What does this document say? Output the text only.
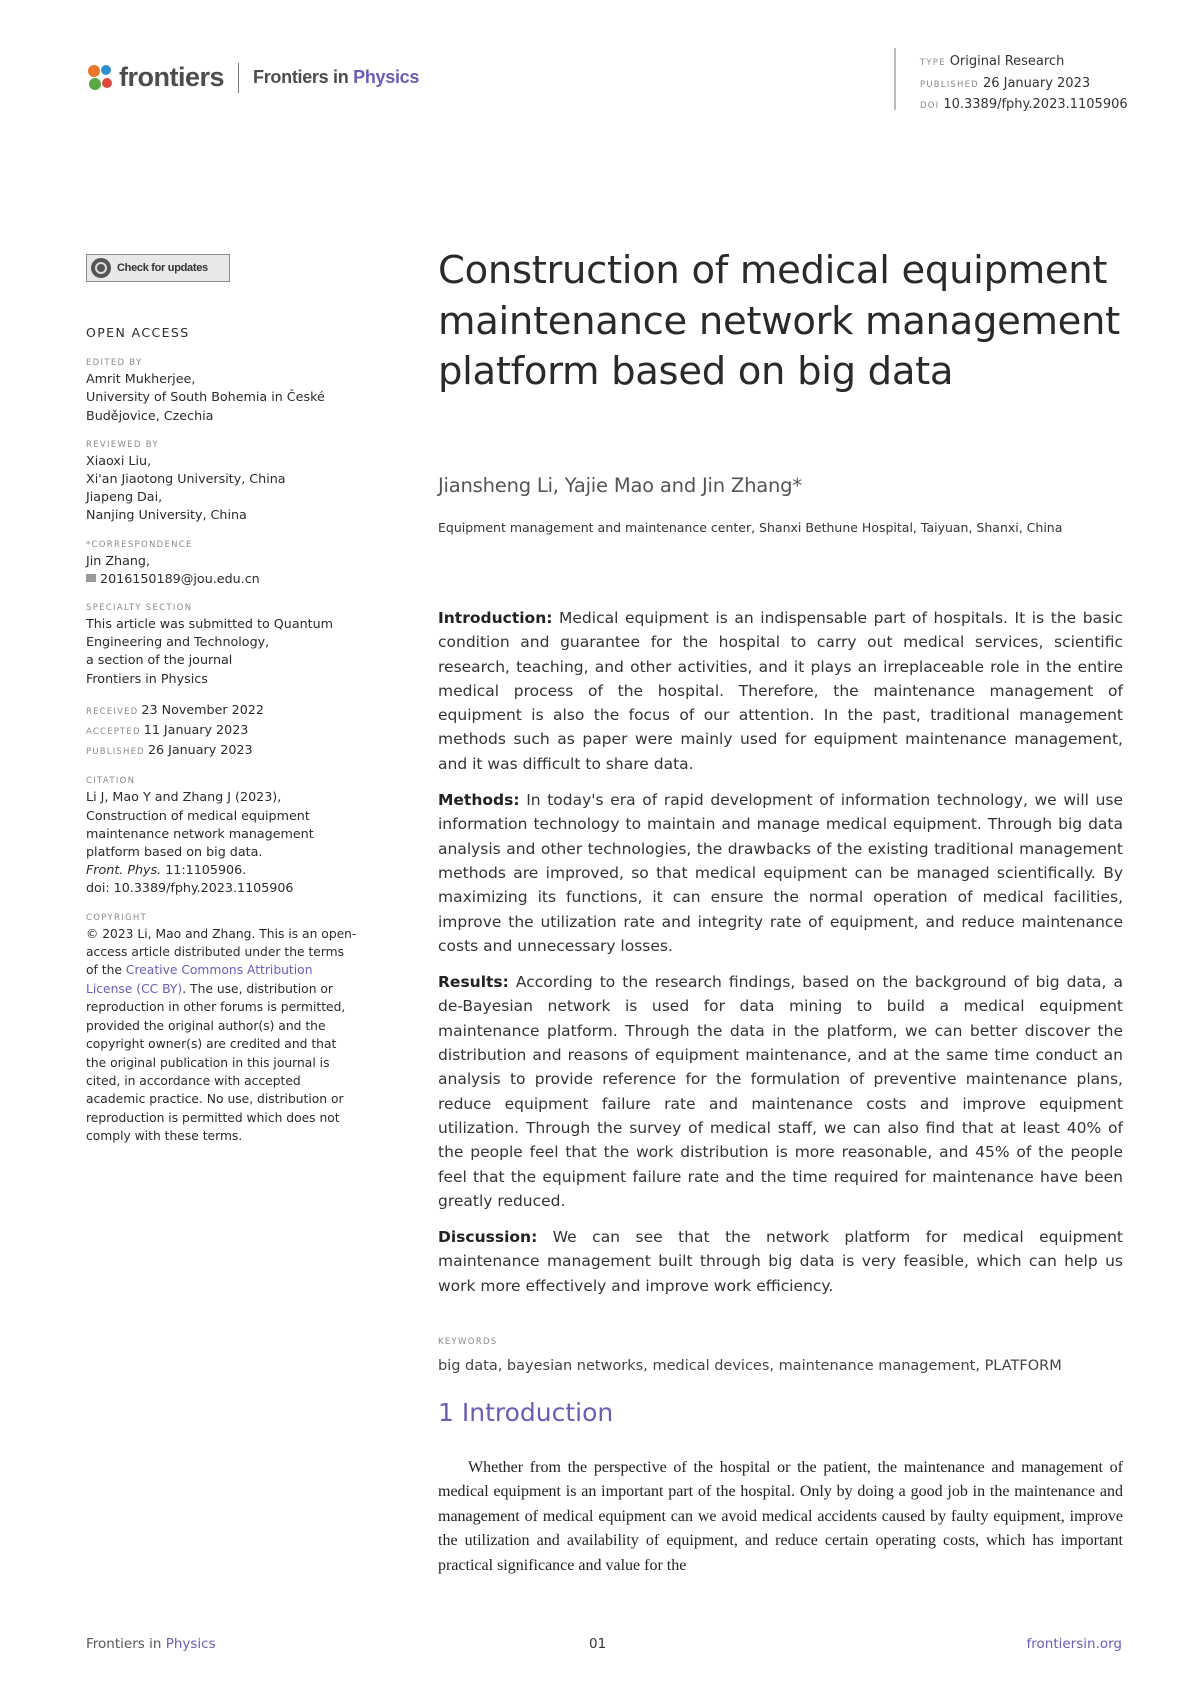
frontiers Frontiers in Physics
TYPE Original Research
PUBLISHED 26 January 2023
DOI 10.3389/fphy.2023.1105906
Check for updates
OPEN ACCESS
EDITED BY
Amrit Mukherjee,
University of South Bohemia in České
Budějovice, Czechia
REVIEWED BY
Xiaoxi Liu,
Xi'an Jiaotong University, China
Jiapeng Dai,
Nanjing University, China
*CORRESPONDENCE
Jin Zhang,
2016150189@jou.edu.cn
SPECIALTY SECTION
This article was submitted to Quantum
Engineering and Technology,
a section of the journal
Frontiers in Physics
RECEIVED 23 November 2022
ACCEPTED 11 January 2023
PUBLISHED 26 January 2023
CITATION
Li J, Mao Y and Zhang J (2023),
Construction of medical equipment
maintenance network management
platform based on big data.
Front. Phys. 11:1105906.
doi: 10.3389/fphy.2023.1105906
COPYRIGHT
© 2023 Li, Mao and Zhang. This is an open-access article distributed under the terms of the Creative Commons Attribution License (CC BY). The use, distribution or reproduction in other forums is permitted, provided the original author(s) and the copyright owner(s) are credited and that the original publication in this journal is cited, in accordance with accepted academic practice. No use, distribution or reproduction is permitted which does not comply with these terms.
Construction of medical equipment maintenance network management platform based on big data
Jiansheng Li, Yajie Mao and Jin Zhang*
Equipment management and maintenance center, Shanxi Bethune Hospital, Taiyuan, Shanxi, China

Introduction: Medical equipment is an indispensable part of hospitals. It is the basic condition and guarantee for the hospital to carry out medical services, scientific research, teaching, and other activities, and it plays an irreplaceable role in the entire medical process of the hospital. Therefore, the maintenance management of equipment is also the focus of our attention. In the past, traditional management methods such as paper were mainly used for equipment maintenance management, and it was difficult to share data.

Methods: In today's era of rapid development of information technology, we will use information technology to maintain and manage medical equipment. Through big data analysis and other technologies, the drawbacks of the existing traditional management methods are improved, so that medical equipment can be managed scientifically. By maximizing its functions, it can ensure the normal operation of medical facilities, improve the utilization rate and integrity rate of equipment, and reduce maintenance costs and unnecessary losses.

Results: According to the research findings, based on the background of big data, a de-Bayesian network is used for data mining to build a medical equipment maintenance platform. Through the data in the platform, we can better discover the distribution and reasons of equipment maintenance, and at the same time conduct an analysis to provide reference for the formulation of preventive maintenance plans, reduce equipment failure rate and maintenance costs and improve equipment utilization. Through the survey of medical staff, we can also find that at least 40% of the people feel that the work distribution is more reasonable, and 45% of the people feel that the equipment failure rate and the time required for maintenance have been greatly reduced.

Discussion: We can see that the network platform for medical equipment maintenance management built through big data is very feasible, which can help us work more effectively and improve work efficiency.

KEYWORDS
big data, bayesian networks, medical devices, maintenance management, PLATFORM
1 Introduction

Whether from the perspective of the hospital or the patient, the maintenance and management of medical equipment is an important part of the hospital. Only by doing a good job in the maintenance and management of medical equipment can we avoid medical accidents caused by faulty equipment, improve the utilization and availability of equipment, and reduce certain operating costs, which has important practical significance and value for the

Frontiers in Physics	01	frontiersin.org
